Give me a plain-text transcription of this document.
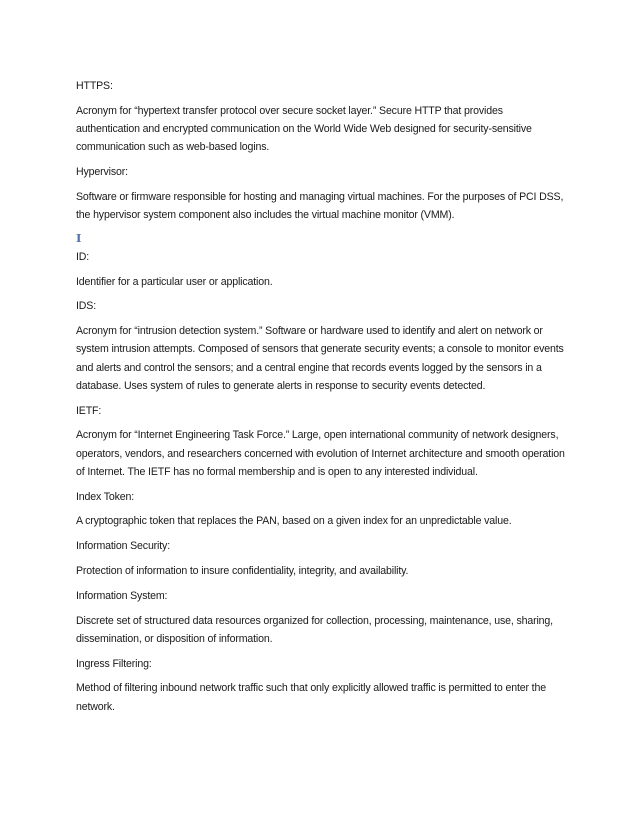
HTTPS:

Acronym for “hypertext transfer protocol over secure socket layer.” Secure HTTP that provides authentication and encrypted communication on the World Wide Web designed for security-sensitive communication such as web-based logins.

Hypervisor:

Software or firmware responsible for hosting and managing virtual machines. For the purposes of PCI DSS, the hypervisor system component also includes the virtual machine monitor (VMM).

I

ID:

Identifier for a particular user or application.

IDS:

Acronym for “intrusion detection system.” Software or hardware used to identify and alert on network or system intrusion attempts. Composed of sensors that generate security events; a console to monitor events and alerts and control the sensors; and a central engine that records events logged by the sensors in a database. Uses system of rules to generate alerts in response to security events detected.

IETF:

Acronym for “Internet Engineering Task Force.” Large, open international community of network designers, operators, vendors, and researchers concerned with evolution of Internet architecture and smooth operation of Internet. The IETF has no formal membership and is open to any interested individual.

Index Token:

A cryptographic token that replaces the PAN, based on a given index for an unpredictable value.

Information Security:

Protection of information to insure confidentiality, integrity, and availability.

Information System:

Discrete set of structured data resources organized for collection, processing, maintenance, use, sharing, dissemination, or disposition of information.

Ingress Filtering:

Method of filtering inbound network traffic such that only explicitly allowed traffic is permitted to enter the network.
